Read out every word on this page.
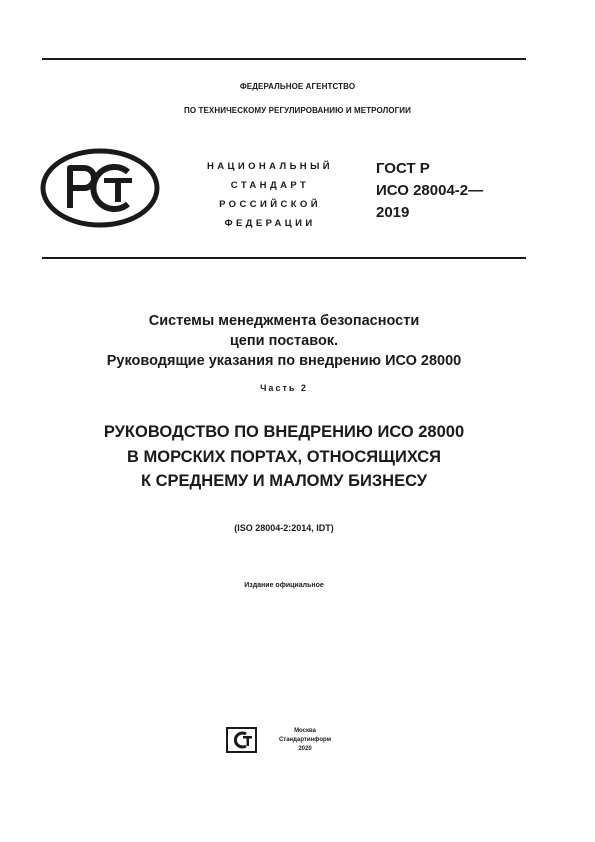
ФЕДЕРАЛЬНОЕ АГЕНТСТВО
ПО ТЕХНИЧЕСКОМУ РЕГУЛИРОВАНИЮ И МЕТРОЛОГИИ
НАЦИОНАЛЬНЫЙ
СТАНДАРТ
РОССИЙСКОЙ
ФЕДЕРАЦИИ
ГОСТ Р
ИСО 28004-2—
2019
Системы менеджмента безопасности
цепи поставок.
Руководящие указания по внедрению ИСО 28000
Часть 2
РУКОВОДСТВО ПО ВНЕДРЕНИЮ ИСО 28000
В МОРСКИХ ПОРТАХ, ОТНОСЯЩИХСЯ
К СРЕДНЕМУ И МАЛОМУ БИЗНЕСУ
(ISO 28004-2:2014, IDT)
Издание официальное
Москва
Стандартинформ
2020
